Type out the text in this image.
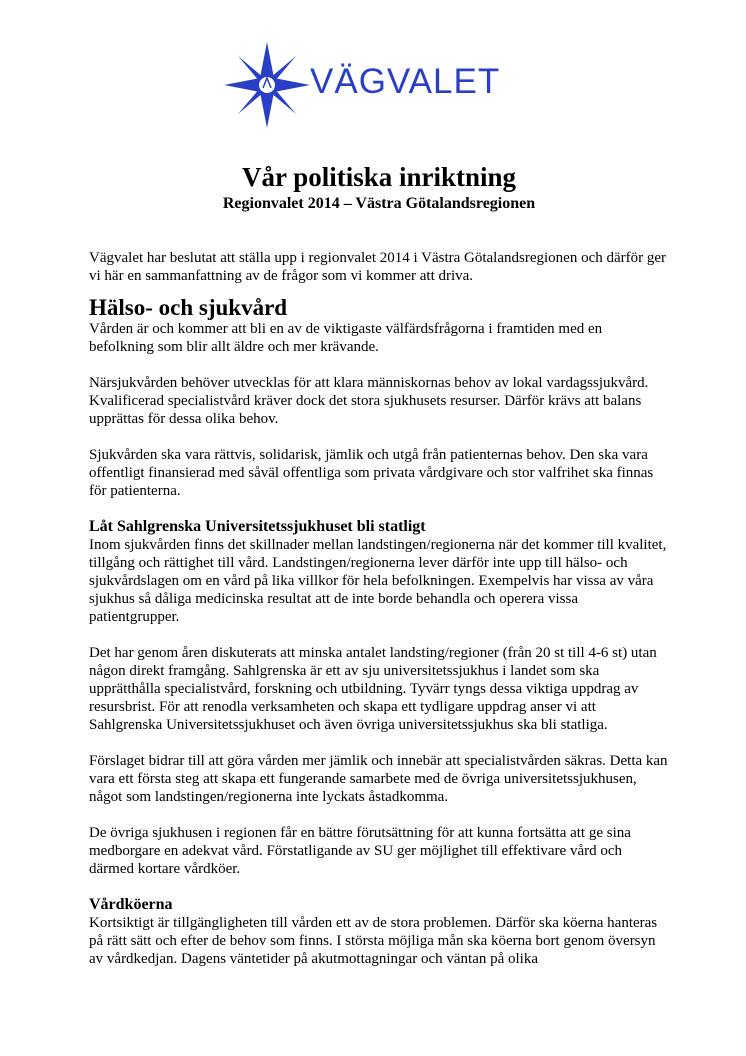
VÄGVALET
Vår politiska inriktning
Regionvalet 2014 – Västra Götalandsregionen

Vägvalet har beslutat att ställa upp i regionvalet 2014 i Västra Götalandsregionen och därför ger vi här en sammanfattning av de frågor som vi kommer att driva.

Hälso- och sjukvård

Vården är och kommer att bli en av de viktigaste välfärdsfrågorna i framtiden med en befolkning som blir allt äldre och mer krävande.

Närsjukvården behöver utvecklas för att klara människornas behov av lokal vardagssjukvård. Kvalificerad specialistvård kräver dock det stora sjukhusets resurser. Därför krävs att balans upprättas för dessa olika behov.

Sjukvården ska vara rättvis, solidarisk, jämlik och utgå från patienternas behov. Den ska vara offentligt finansierad med såväl offentliga som privata vårdgivare och stor valfrihet ska finnas för patienterna.

Låt Sahlgrenska Universitetssjukhuset bli statligt

Inom sjukvården finns det skillnader mellan landstingen/regionerna när det kommer till kvalitet, tillgång och rättighet till vård. Landstingen/regionerna lever därför inte upp till hälso- och sjukvårdslagen om en vård på lika villkor för hela befolkningen. Exempelvis har vissa av våra sjukhus så dåliga medicinska resultat att de inte borde behandla och operera vissa patientgrupper.

Det har genom åren diskuterats att minska antalet landsting/regioner (från 20 st till 4-6 st) utan någon direkt framgång. Sahlgrenska är ett av sju universitetssjukhus i landet som ska upprätthålla specialistvård, forskning och utbildning. Tyvärr tyngs dessa viktiga uppdrag av resursbrist. För att renodla verksamheten och skapa ett tydligare uppdrag anser vi att Sahlgrenska Universitetssjukhuset och även övriga universitetssjukhus ska bli statliga.

Förslaget bidrar till att göra vården mer jämlik och innebär att specialistvården säkras. Detta kan vara ett första steg att skapa ett fungerande samarbete med de övriga universitetssjukhusen, något som landstingen/regionerna inte lyckats åstadkomma.

De övriga sjukhusen i regionen får en bättre förutsättning för att kunna fortsätta att ge sina medborgare en adekvat vård. Förstatligande av SU ger möjlighet till effektivare vård och därmed kortare vårdköer.

Vårdköerna

Kortsiktigt är tillgängligheten till vården ett av de stora problemen. Därför ska köerna hanteras på rätt sätt och efter de behov som finns. I största möjliga mån ska köerna bort genom översyn av vårdkedjan. Dagens väntetider på akutmottagningar och väntan på olika
